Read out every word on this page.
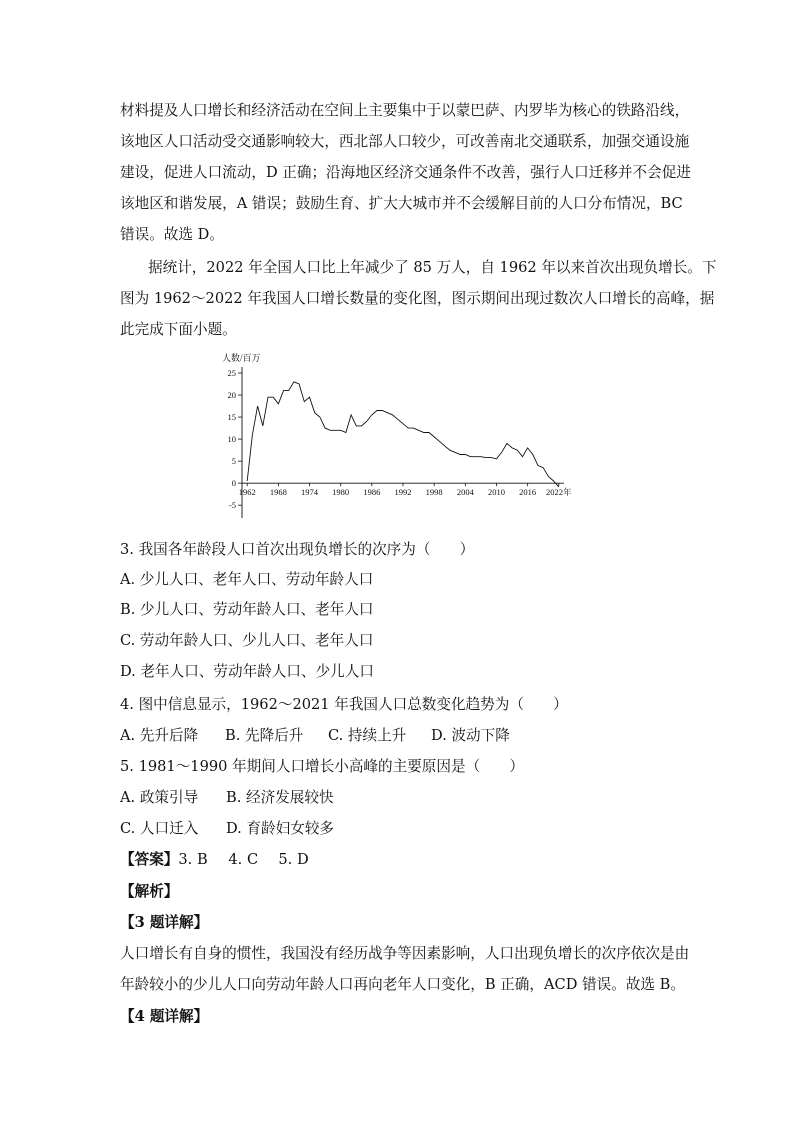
材料提及人口增长和经济活动在空间上主要集中于以蒙巴萨、内罗毕为核心的铁路沿线，
该地区人口活动受交通影响较大，西北部人口较少，可改善南北交通联系，加强交通设施
建设，促进人口流动，D 正确；沿海地区经济交通条件不改善，强行人口迁移并不会促进
该地区和谐发展，A 错误；鼓励生育、扩大大城市并不会缓解目前的人口分布情况，BC
错误。故选 D。
据统计，2022 年全国人口比上年减少了 85 万人，自 1962 年以来首次出现负增长。下
图为 1962～2022 年我国人口增长数量的变化图，图示期间出现过数次人口增长的高峰，据
此完成下面小题。
人数/百万
25
20
15
10
5
0
-5
1962 1968 1974 1980 1986 1992 1998 2004 2010 2016 2022年
3. 我国各年龄段人口首次出现负增长的次序为（　　）
A. 少儿人口、老年人口、劳动年龄人口
B. 少儿人口、劳动年龄人口、老年人口
C. 劳动年龄人口、少儿人口、老年人口
D. 老年人口、劳动年龄人口、少儿人口
4. 图中信息显示，1962～2021 年我国人口总数变化趋势为（　　）
A. 先升后降 B. 先降后升 C. 持续上升 D. 波动下降
5. 1981～1990 年期间人口增长小高峰的主要原因是（　　）
A. 政策引导 B. 经济发展较快
C. 人口迁入 D. 育龄妇女较多
【答案】3. B 4. C 5. D
【解析】
【3 题详解】
人口增长有自身的惯性，我国没有经历战争等因素影响，人口出现负增长的次序依次是由
年龄较小的少儿人口向劳动年龄人口再向老年人口变化，B 正确，ACD 错误。故选 B。
【4 题详解】
